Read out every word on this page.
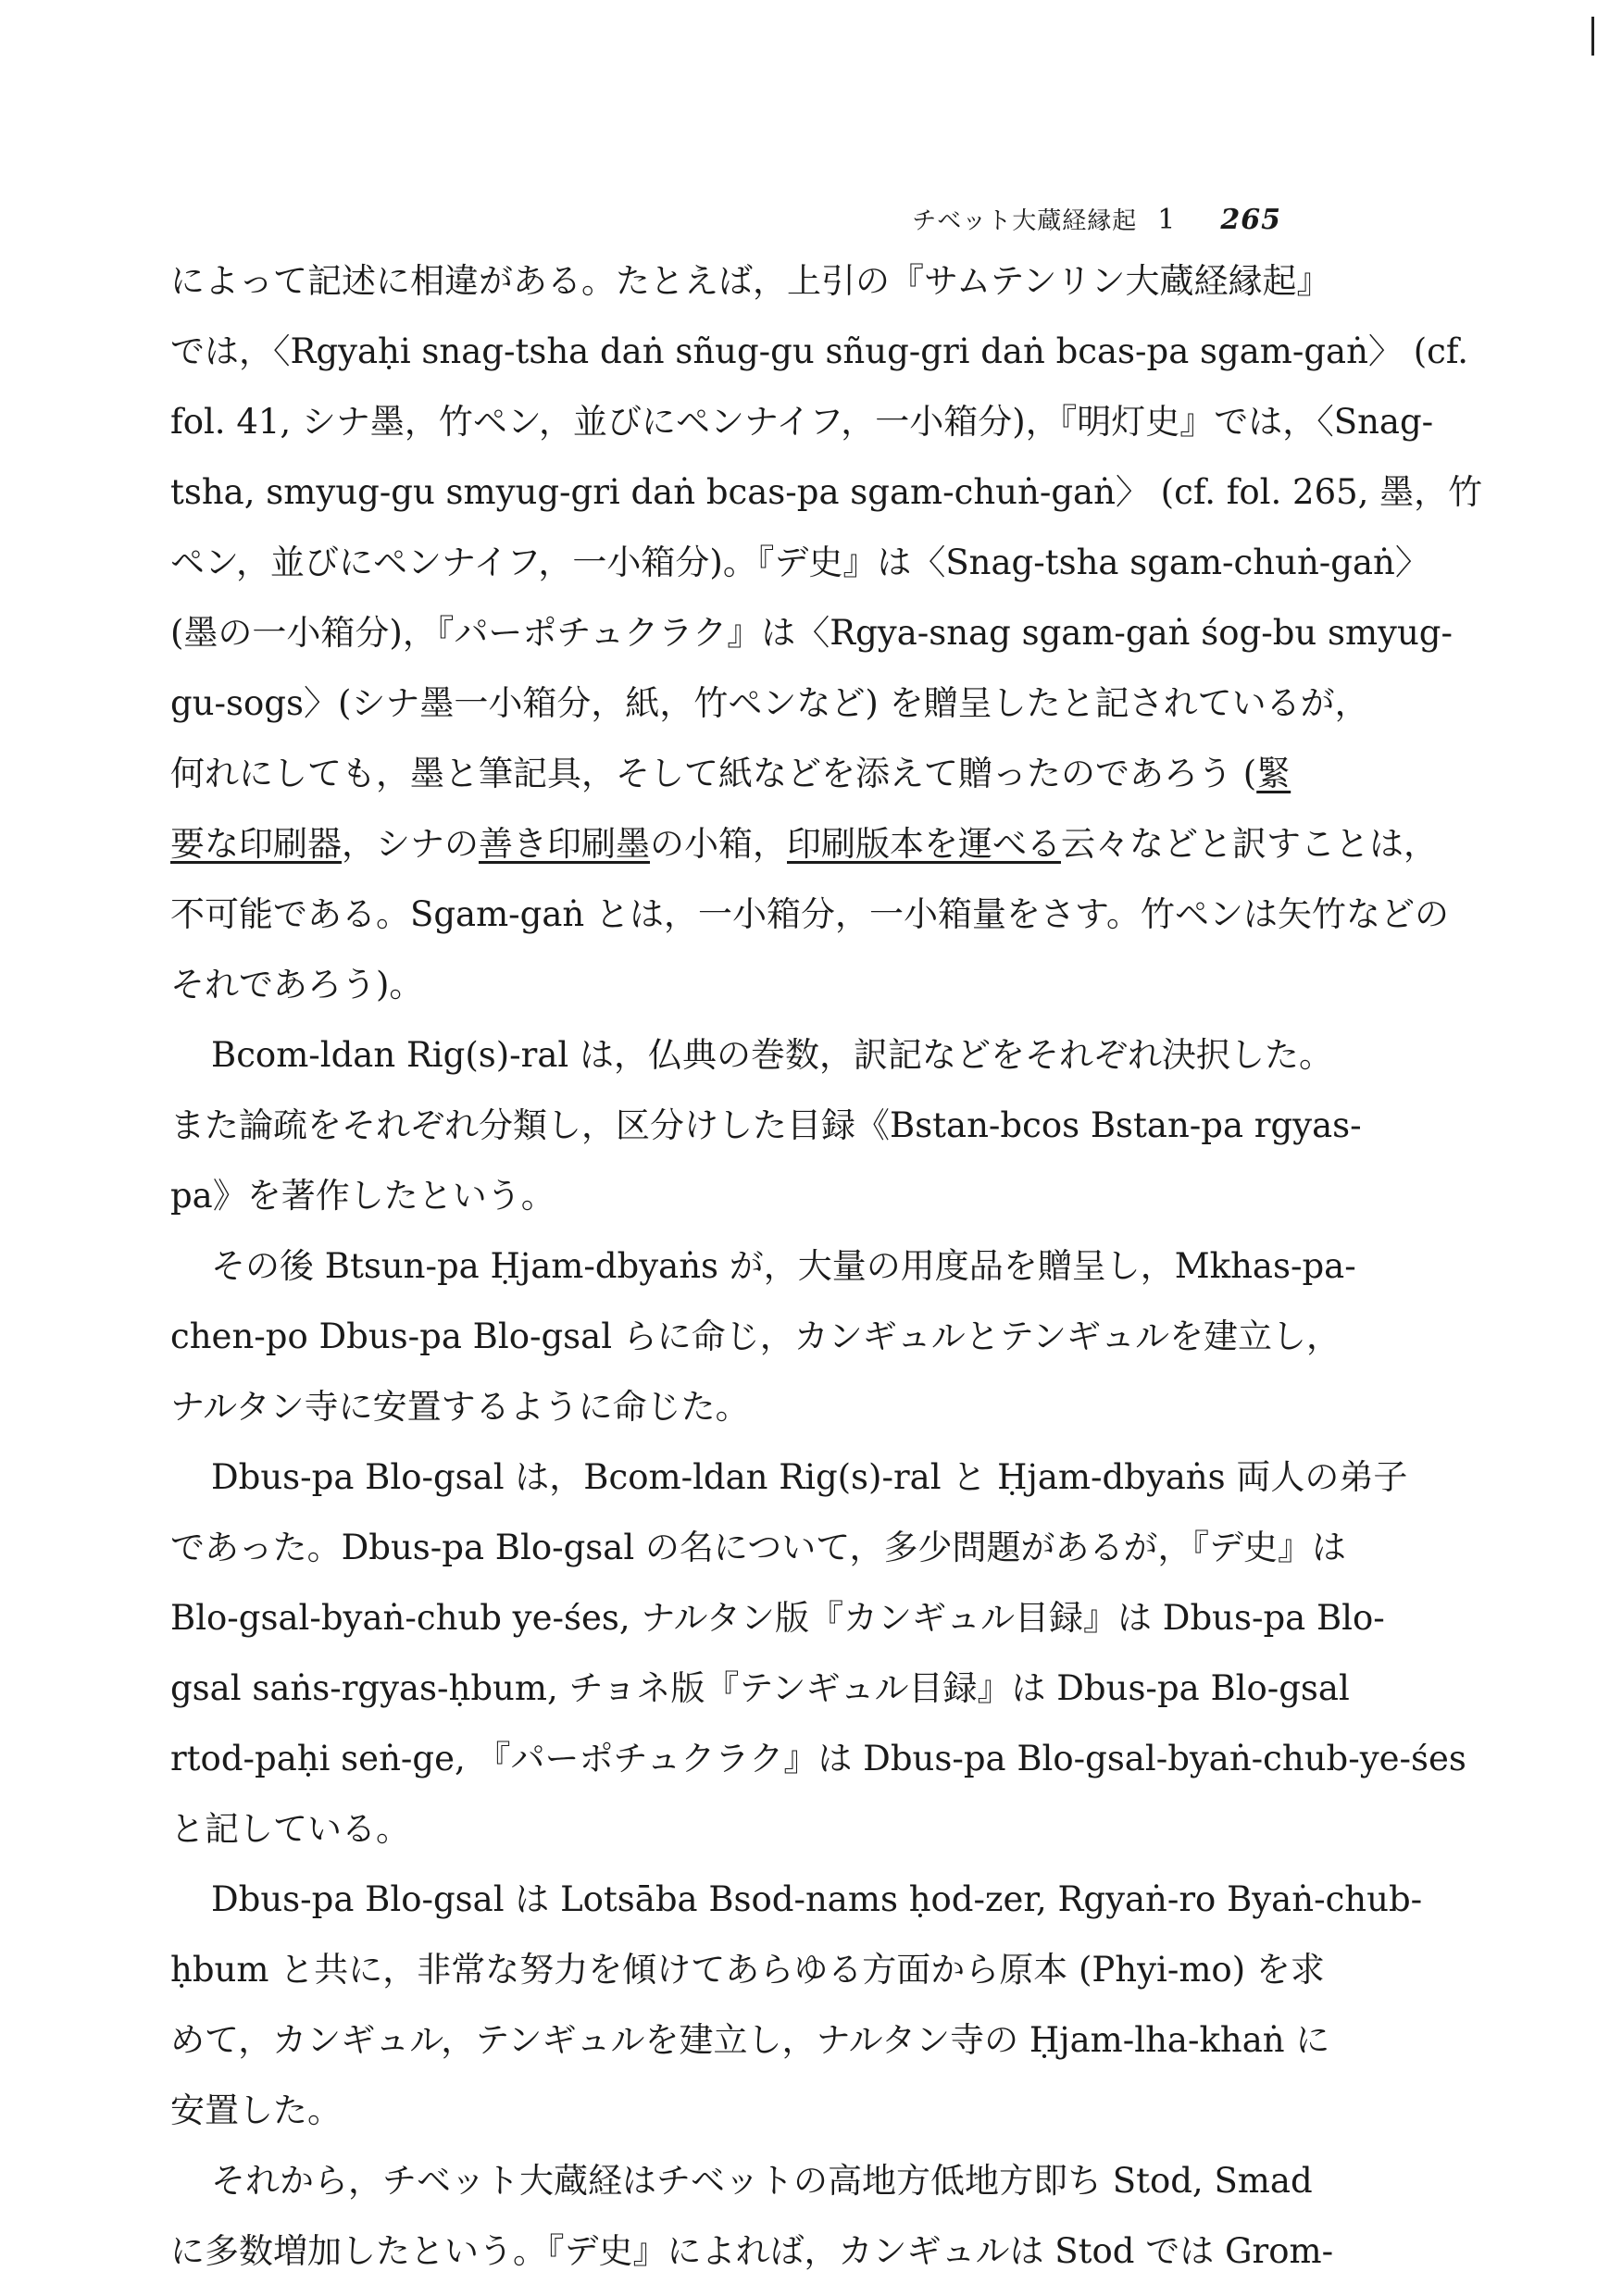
チベット大蔵経縁起 1 265
によって記述に相違がある。たとえば，上引の『サムテンリン大蔵経縁起』
では，〈Rgyaḥi snag-tsha daṅ sñug-gu sñug-gri daṅ bcas-pa sgam-gaṅ〉 (cf.
fol. 41, シナ墨，竹ペン，並びにペンナイフ，一小箱分)，『明灯史』では，〈Snag-
tsha, smyug-gu smyug-gri daṅ bcas-pa sgam-chuṅ-gaṅ〉 (cf. fol. 265, 墨，竹
ペン，並びにペンナイフ，一小箱分)。『デ史』は〈Snag-tsha sgam-chuṅ-gaṅ〉
(墨の一小箱分)，『パーポチュクラク』は〈Rgya-snag sgam-gaṅ śog-bu smyug-
gu-sogs〉(シナ墨一小箱分，紙，竹ペンなど) を贈呈したと記されているが，
何れにしても，墨と筆記具，そして紙などを添えて贈ったのであろう (緊
要な印刷器，シナの善き印刷墨の小箱，印刷版本を運べる云々などと訳すことは，
不可能である。Sgam-gaṅ とは，一小箱分，一小箱量をさす。竹ペンは矢竹などの
それであろう)。
Bcom-ldan Rig(s)-ral は，仏典の巻数，訳記などをそれぞれ決択した。
また論疏をそれぞれ分類し，区分けした目録《Bstan-bcos Bstan-pa rgyas-
pa》を著作したという。
その後 Btsun-pa Ḥjam-dbyaṅs が，大量の用度品を贈呈し，Mkhas-pa-
chen-po Dbus-pa Blo-gsal らに命じ，カンギュルとテンギュルを建立し，
ナルタン寺に安置するように命じた。
Dbus-pa Blo-gsal は，Bcom-ldan Rig(s)-ral と Ḥjam-dbyaṅs 両人の弟子
であった。Dbus-pa Blo-gsal の名について，多少問題があるが，『デ史』は
Blo-gsal-byaṅ-chub ye-śes, ナルタン版『カンギュル目録』は Dbus-pa Blo-
gsal saṅs-rgyas-ḥbum, チョネ版『テンギュル目録』は Dbus-pa Blo-gsal
rtod-paḥi seṅ-ge, 『パーポチュクラク』は Dbus-pa Blo-gsal-byaṅ-chub-ye-śes
と記している。
Dbus-pa Blo-gsal は Lotsāba Bsod-nams ḥod-zer, Rgyaṅ-ro Byaṅ-chub-
ḥbum と共に，非常な努力を傾けてあらゆる方面から原本 (Phyi-mo) を求
めて，カンギュル，テンギュルを建立し，ナルタン寺の Ḥjam-lha-khaṅ に
安置した。
それから，チベット大蔵経はチベットの高地方低地方即ち Stod, Smad
に多数増加したという。『デ史』によれば，カンギュルは Stod では Grom-
